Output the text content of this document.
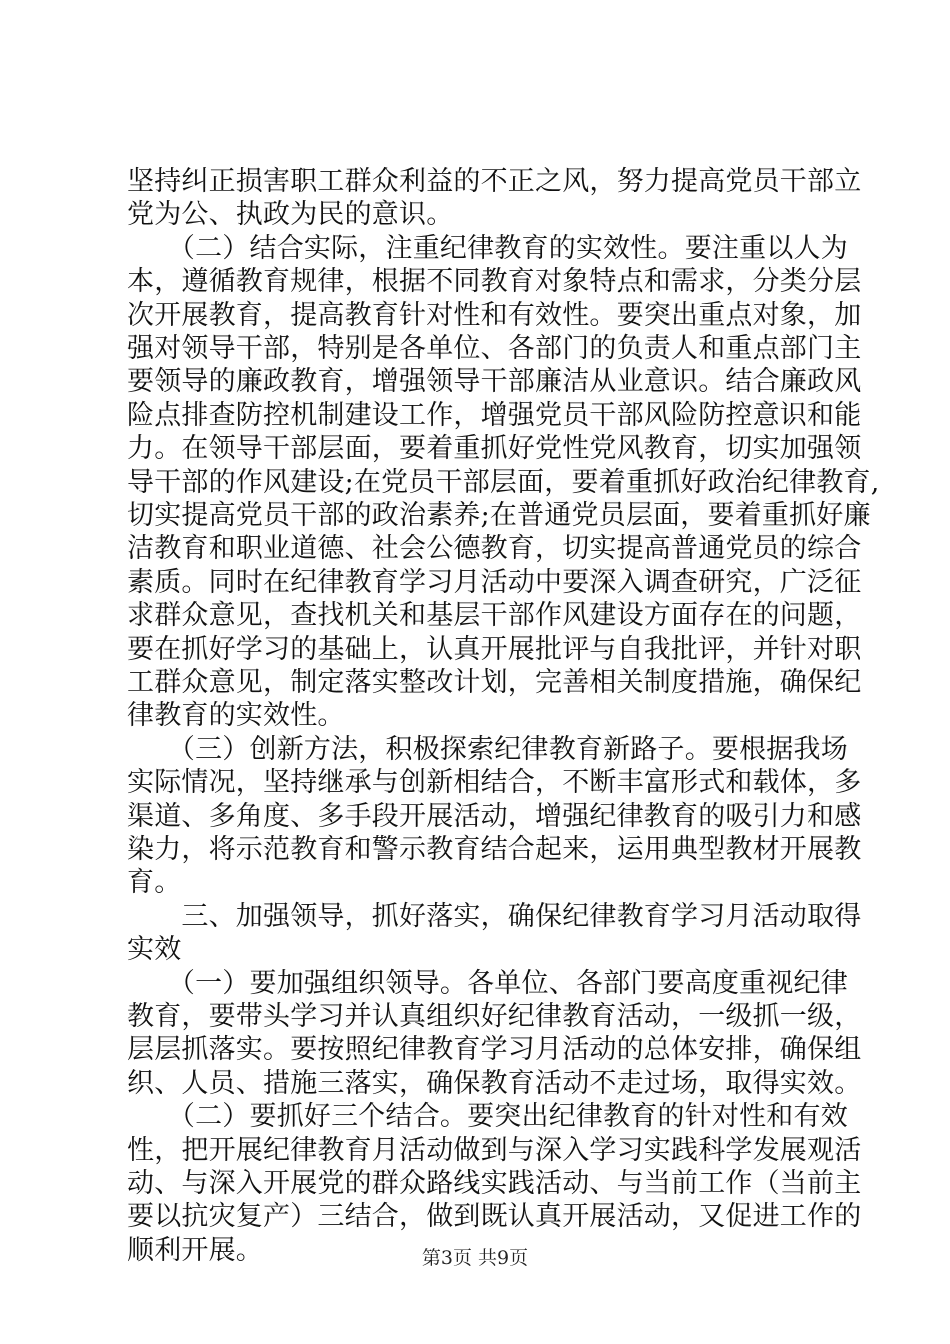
坚持纠正损害职工群众利益的不正之风，努力提高党员干部立
党为公、执政为民的意识。
　　（二）结合实际，注重纪律教育的实效性。要注重以人为
本，遵循教育规律，根据不同教育对象特点和需求，分类分层
次开展教育，提高教育针对性和有效性。要突出重点对象，加
强对领导干部，特别是各单位、各部门的负责人和重点部门主
要领导的廉政教育，增强领导干部廉洁从业意识。结合廉政风
险点排查防控机制建设工作，增强党员干部风险防控意识和能
力。在领导干部层面，要着重抓好党性党风教育，切实加强领
导干部的作风建设;在党员干部层面，要着重抓好政治纪律教育,
切实提高党员干部的政治素养;在普通党员层面，要着重抓好廉
洁教育和职业道德、社会公德教育，切实提高普通党员的综合
素质。同时在纪律教育学习月活动中要深入调查研究，广泛征
求群众意见，查找机关和基层干部作风建设方面存在的问题，
要在抓好学习的基础上，认真开展批评与自我批评，并针对职
工群众意见，制定落实整改计划，完善相关制度措施，确保纪
律教育的实效性。
　　（三）创新方法，积极探索纪律教育新路子。要根据我场
实际情况，坚持继承与创新相结合，不断丰富形式和载体，多
渠道、多角度、多手段开展活动，增强纪律教育的吸引力和感
染力，将示范教育和警示教育结合起来，运用典型教材开展教
育。
　　三、加强领导，抓好落实，确保纪律教育学习月活动取得
实效
　　（一）要加强组织领导。各单位、各部门要高度重视纪律
教育，要带头学习并认真组织好纪律教育活动，一级抓一级，
层层抓落实。要按照纪律教育学习月活动的总体安排，确保组
织、人员、措施三落实，确保教育活动不走过场，取得实效。
　　（二）要抓好三个结合。要突出纪律教育的针对性和有效
性，把开展纪律教育月活动做到与深入学习实践科学发展观活
动、与深入开展党的群众路线实践活动、与当前工作（当前主
要以抗灾复产）三结合，做到既认真开展活动，又促进工作的
顺利开展。	第3页 共9页
